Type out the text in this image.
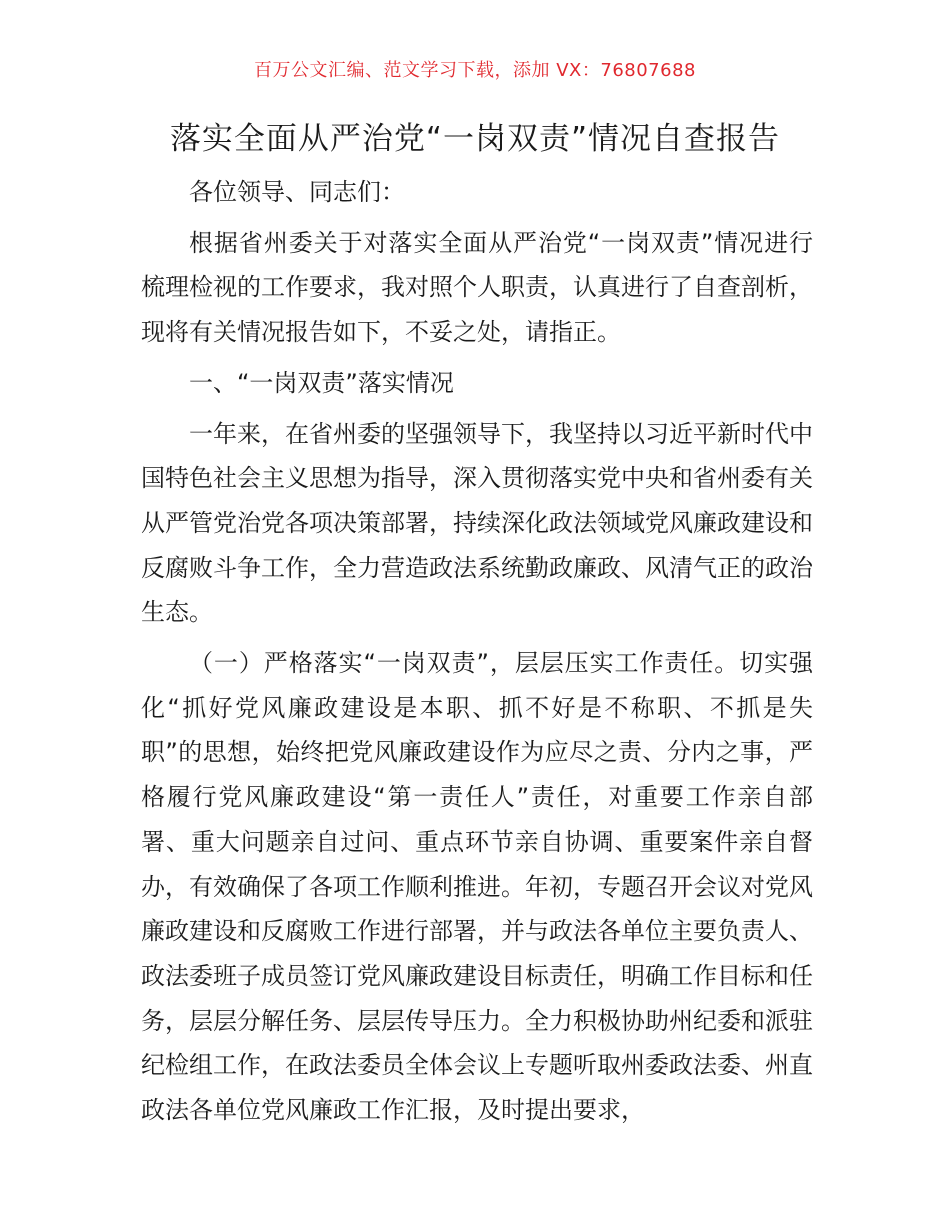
百万公文汇编、范文学习下载，添加 VX：76807688
落实全面从严治党“一岗双责”情况自查报告

各位领导、同志们：

根据省州委关于对落实全面从严治党“一岗双责”情况进行梳理检视的工作要求，我对照个人职责，认真进行了自查剖析，现将有关情况报告如下，不妥之处，请指正。

一、“一岗双责”落实情况

一年来，在省州委的坚强领导下，我坚持以习近平新时代中国特色社会主义思想为指导，深入贯彻落实党中央和省州委有关从严管党治党各项决策部署，持续深化政法领域党风廉政建设和反腐败斗争工作，全力营造政法系统勤政廉政、风清气正的政治生态。

（一）严格落实“一岗双责”，层层压实工作责任。切实强化“抓好党风廉政建设是本职、抓不好是不称职、不抓是失职”的思想，始终把党风廉政建设作为应尽之责、分内之事，严格履行党风廉政建设“第一责任人”责任，对重要工作亲自部署、重大问题亲自过问、重点环节亲自协调、重要案件亲自督办，有效确保了各项工作顺利推进。年初，专题召开会议对党风廉政建设和反腐败工作进行部署，并与政法各单位主要负责人、政法委班子成员签订党风廉政建设目标责任，明确工作目标和任务，层层分解任务、层层传导压力。全力积极协助州纪委和派驻纪检组工作，在政法委员全体会议上专题听取州委政法委、州直政法各单位党风廉政工作汇报，及时提出要求，
